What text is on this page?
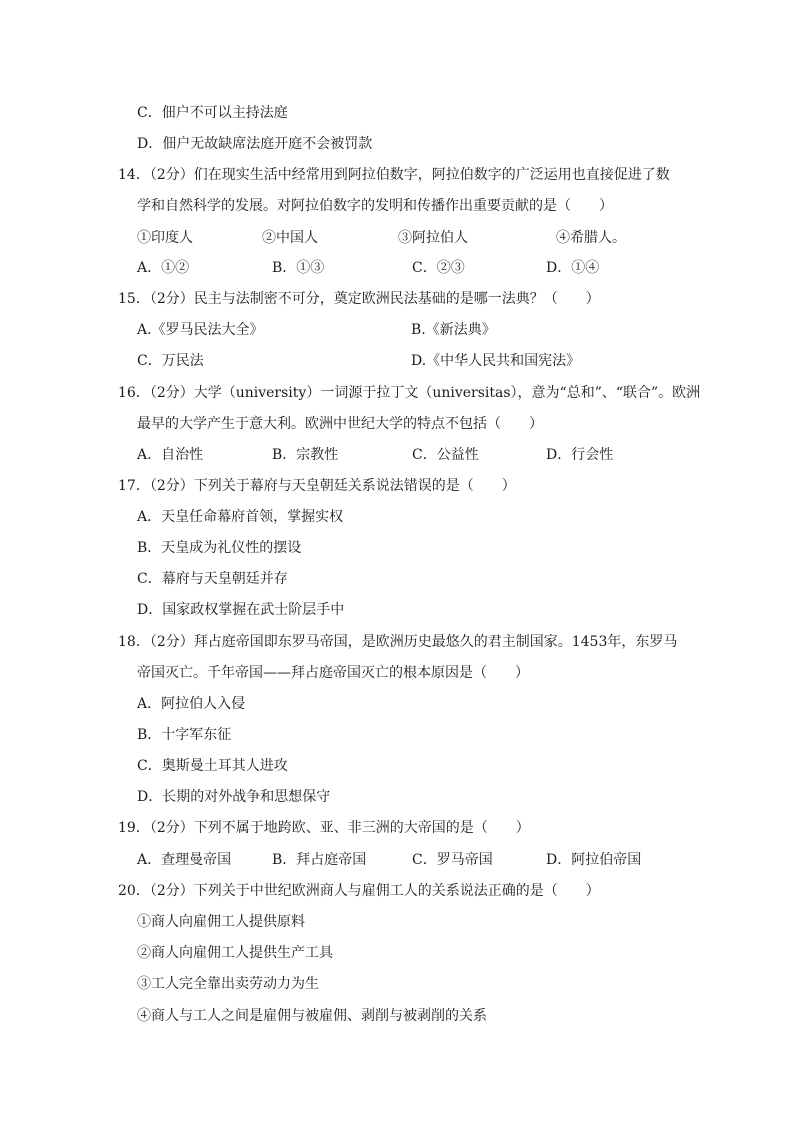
C．佃户不可以主持法庭
D．佃户无故缺席法庭开庭不会被罚款
14．（2分）们在现实生活中经常用到阿拉伯数字，阿拉伯数字的广泛运用也直接促进了数
学和自然科学的发展。对阿拉伯数字的发明和传播作出重要贡献的是（　　）
①印度人	②中国人	③阿拉伯人	④希腊人。
A．①②	B．①③	C．②③	D．①④
15．（2分）民主与法制密不可分，奠定欧洲民法基础的是哪一法典？（　　）
A.《罗马民法大全》	B.《新法典》
C．万民法	D.《中华人民共和国宪法》
16．（2分）大学（university）一词源于拉丁文（universitas），意为“总和”、“联合”。欧洲
最早的大学产生于意大利。欧洲中世纪大学的特点不包括（　　）
A．自治性	B．宗教性	C．公益性	D．行会性
17．（2分）下列关于幕府与天皇朝廷关系说法错误的是（　　）
A．天皇任命幕府首领，掌握实权
B．天皇成为礼仪性的摆设
C．幕府与天皇朝廷并存
D．国家政权掌握在武士阶层手中
18．（2分）拜占庭帝国即东罗马帝国，是欧洲历史最悠久的君主制国家。1453年，东罗马
帝国灭亡。千年帝国——拜占庭帝国灭亡的根本原因是（　　）
A．阿拉伯人入侵
B．十字军东征
C．奥斯曼土耳其人进攻
D．长期的对外战争和思想保守
19．（2分）下列不属于地跨欧、亚、非三洲的大帝国的是（　　）
A．查理曼帝国	B．拜占庭帝国	C．罗马帝国	D．阿拉伯帝国
20．（2分）下列关于中世纪欧洲商人与雇佣工人的关系说法正确的是（　　）
①商人向雇佣工人提供原料
②商人向雇佣工人提供生产工具
③工人完全靠出卖劳动力为生
④商人与工人之间是雇佣与被雇佣、剥削与被剥削的关系
